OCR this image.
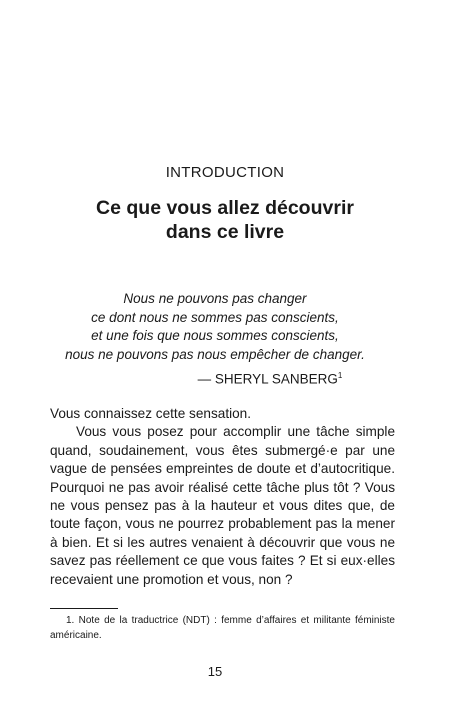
INTRODUCTION
Ce que vous allez découvrir
dans ce livre
Nous ne pouvons pas changer
ce dont nous ne sommes pas conscients,
et une fois que nous sommes conscients,
nous ne pouvons pas nous empêcher de changer.
— SHERYL SANBERG$^1$

Vous connaissez cette sensation.

Vous vous posez pour accomplir une tâche simple quand, soudainement, vous êtes submergé·e par une vague de pensées empreintes de doute et d’autocritique. Pourquoi ne pas avoir réalisé cette tâche plus tôt ? Vous ne vous pensez pas à la hauteur et vous dites que, de toute façon, vous ne pourrez probablement pas la mener à bien. Et si les autres venaient à découvrir que vous ne savez pas réellement ce que vous faites ? Et si eux·elles recevaient une promotion et vous, non ?

1. Note de la traductrice (NDT) : femme d’affaires et militante féministe américaine.

15
